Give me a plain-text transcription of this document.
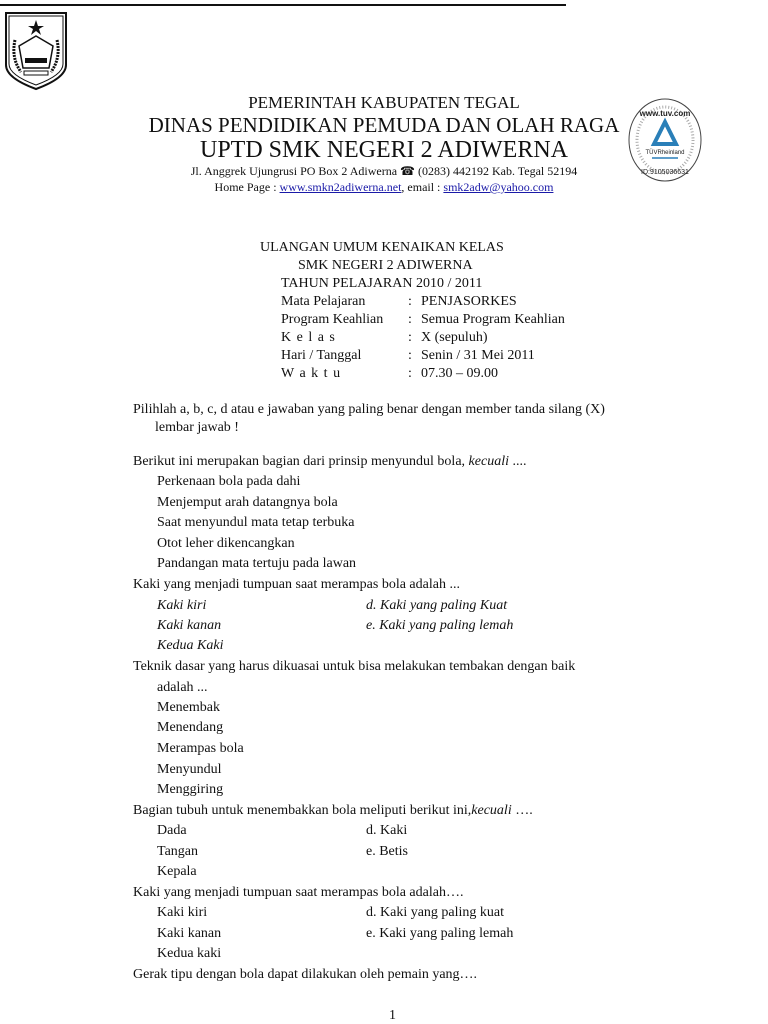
PEMERINTAH KABUPATEN TEGAL
DINAS PENDIDIKAN PEMUDA DAN OLAH RAGA
UPTD SMK NEGERI 2 ADIWERNA
Jl. Anggrek Ujungrusi PO Box 2 Adiwerna ☎ (0283) 442192 Kab. Tegal 52194
Home Page : www.smkn2adiwerna.net, email : smk2adw@yahoo.com
www.tuv.com
TÜVRheinland
ID:9105036631
ULANGAN UMUM KENAIKAN KELAS
SMK NEGERI 2 ADIWERNA
TAHUN PELAJARAN 2010 / 2011
Mata Pelajaran	: PENJASORKES
Program Keahlian : Semua Program Keahlian
K e l a s	: X (sepuluh)
Hari / Tanggal	: Senin / 31 Mei 2011
W a k t u	: 07.30 – 09.00
Pilihlah a, b, c, d atau e jawaban yang paling benar dengan member tanda silang (X)
lembar jawab !
Berikut ini merupakan bagian dari prinsip menyundul bola, kecuali ....
Perkenaan bola pada dahi
Menjemput arah datangnya bola
Saat menyundul mata tetap terbuka
Otot leher dikencangkan
Pandangan mata tertuju pada lawan
Kaki yang menjadi tumpuan saat merampas bola adalah ...
Kaki kiri
Kaki kanan
Kedua Kaki
d. Kaki yang paling Kuat
e. Kaki yang paling lemah
Teknik dasar yang harus dikuasai untuk bisa melakukan tembakan dengan baik
adalah ...
Menembak
Menendang
Merampas bola
Menyundul
Menggiring
Bagian tubuh untuk menembakkan bola meliputi berikut ini,kecuali ….
Dada
Tangan
Kepala
d. Kaki
e. Betis
Kaki yang menjadi tumpuan saat merampas bola adalah….
Kaki kiri
Kaki kanan
Kedua kaki
d. Kaki yang paling kuat
e. Kaki yang paling lemah
Gerak tipu dengan bola dapat dilakukan oleh pemain yang….
1
